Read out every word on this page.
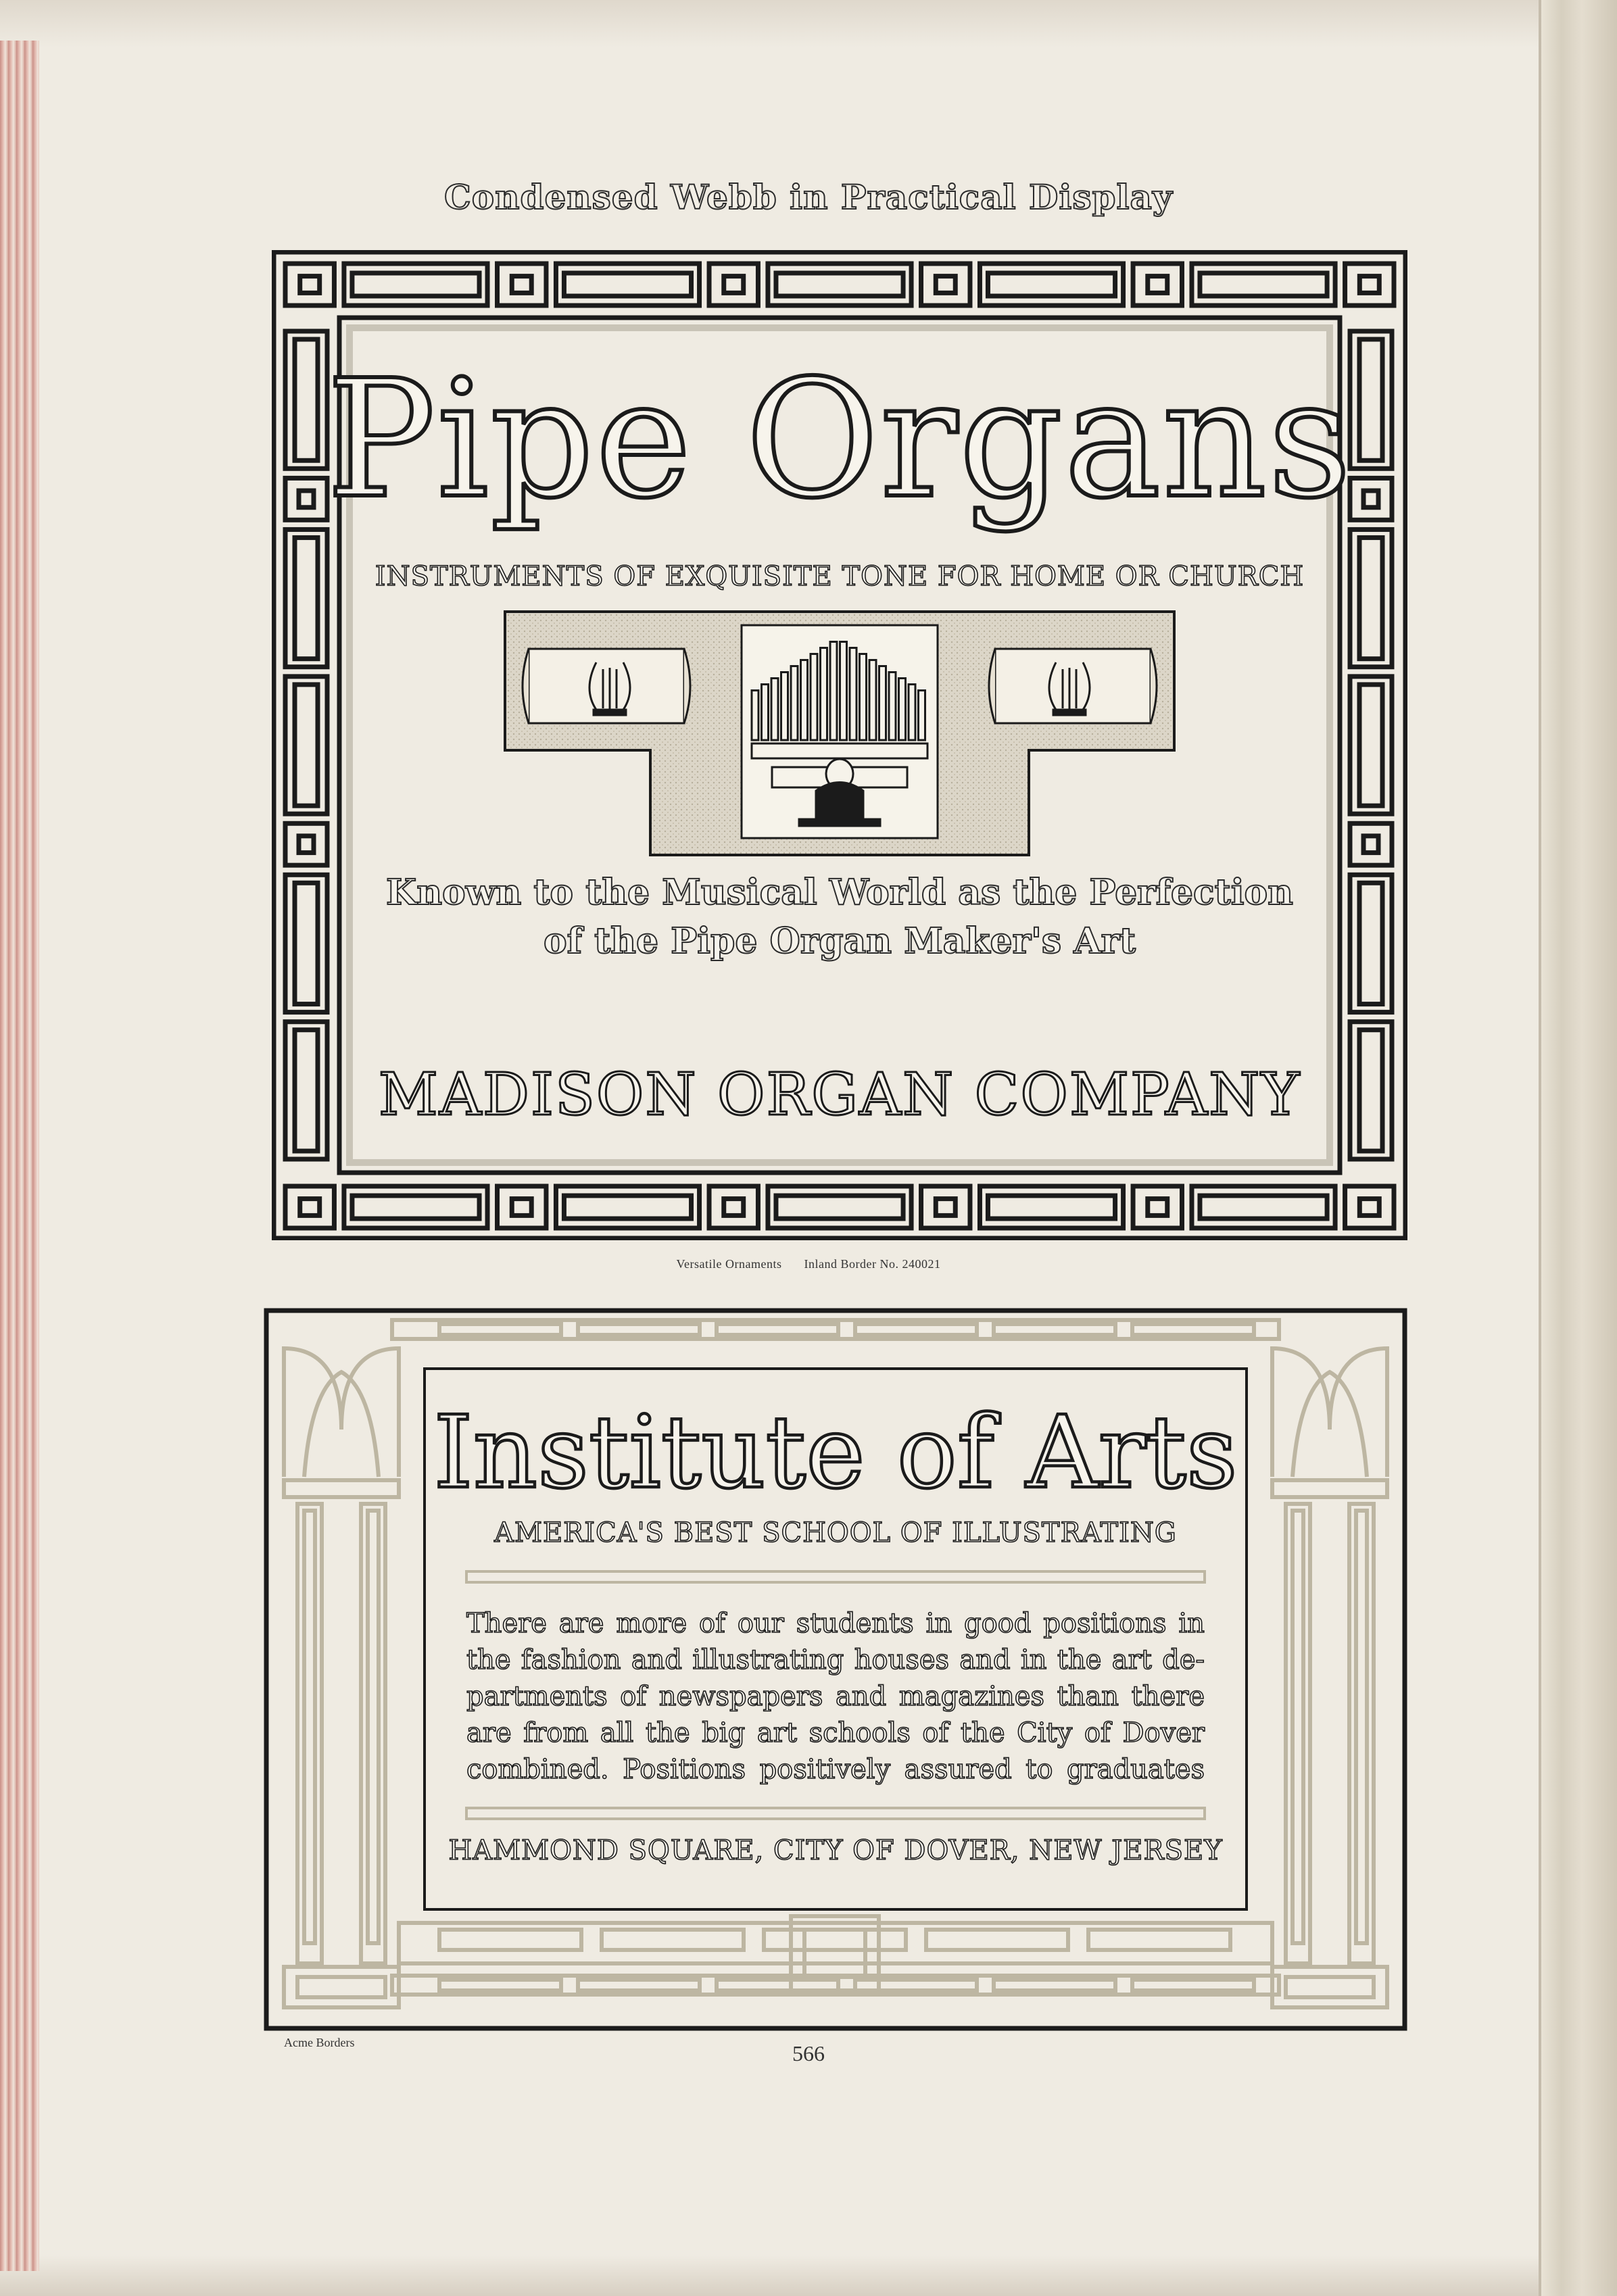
Condensed Webb in Practical Display
Pipe Organs
INSTRUMENTS OF EXQUISITE TONE FOR HOME OR CHURCH
Known to the Musical World as the Perfection
of the Pipe Organ Maker's Art
MADISON ORGAN COMPANY
Versatile Ornaments Inland Border No. 240021
Institute of Arts
AMERICA'S BEST SCHOOL OF ILLUSTRATING
There are more of our students in good positions in
the fashion and illustrating houses and in the art de-
partments of newspapers and magazines than there
are from all the big art schools of the City of Dover
combined. Positions positively assured to graduates
HAMMOND SQUARE, CITY OF DOVER, NEW JERSEY
Acme Borders	566
